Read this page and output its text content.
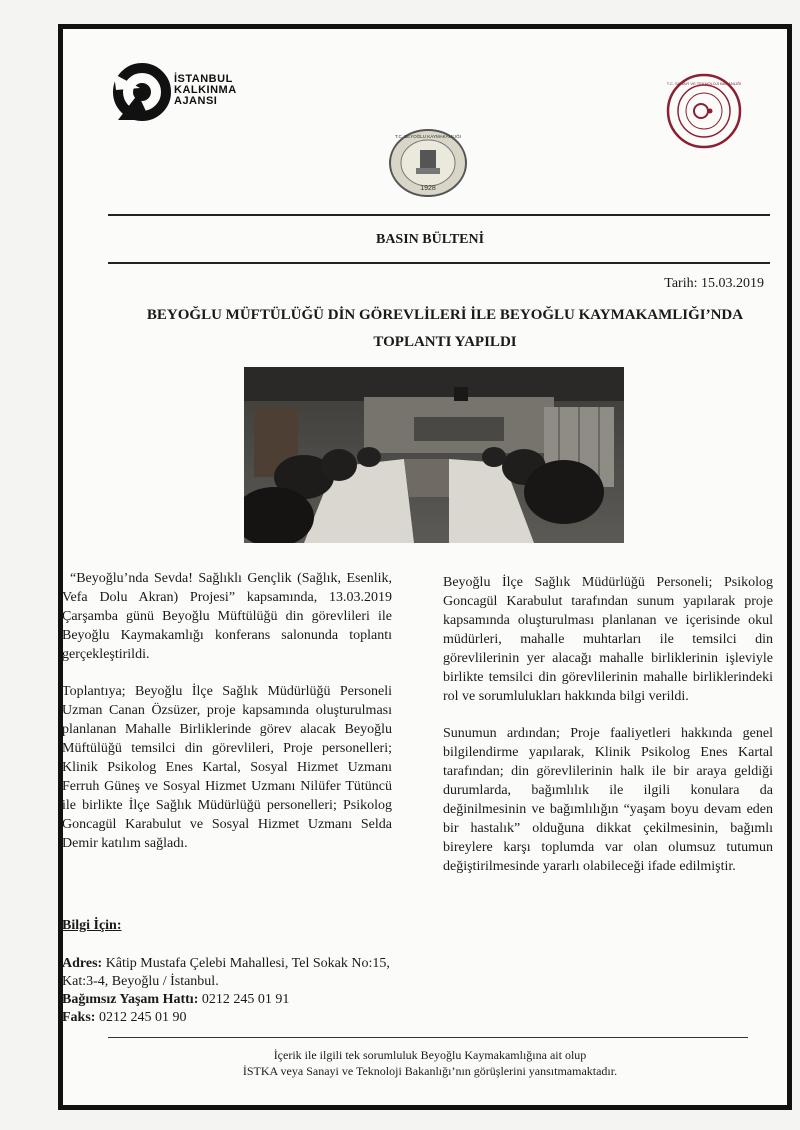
İSTANBUL
KALKINMA
AJANSI
1928
T.C. BEYOĞLU KAYMAKAMLIĞI
T.C. SANAYİ VE TEKNOLOJİ BAKANLIĞI
BASIN BÜLTENİ
Tarih: 15.03.2019
BEYOĞLU MÜFTÜLÜĞÜ DİN GÖREVLİLERİ İLE BEYOĞLU KAYMAKAMLIĞI’NDA
TOPLANTI YAPILDI

“Beyoğlu’nda Sevda! Sağlıklı Gençlik (Sağlık, Esenlik, Vefa Dolu Akran) Projesi” kapsamında, 13.03.2019 Çarşamba günü Beyoğlu Müftülüğü din görevlileri ile Beyoğlu Kaymakamlığı konferans salonunda toplantı gerçekleştirildi.

Toplantıya; Beyoğlu İlçe Sağlık Müdürlüğü Personeli Uzman Canan Özsüzer, proje kapsamında oluşturulması planlanan Mahalle Birliklerinde görev alacak Beyoğlu Müftülüğü temsilci din görevlileri, Proje personelleri; Klinik Psikolog Enes Kartal, Sosyal Hizmet Uzmanı Ferruh Güneş ve Sosyal Hizmet Uzmanı Nilüfer Tütüncü ile birlikte İlçe Sağlık Müdürlüğü personelleri; Psikolog Goncagül Karabulut ve Sosyal Hizmet Uzmanı Selda Demir katılım sağladı.

Beyoğlu İlçe Sağlık Müdürlüğü Personeli; Psikolog Goncagül Karabulut tarafından sunum yapılarak proje kapsamında oluşturulması planlanan ve içerisinde okul müdürleri, mahalle muhtarları ile temsilci din görevlilerinin yer alacağı mahalle birliklerinin işleviyle birlikte temsilci din görevlilerinin mahalle birliklerindeki rol ve sorumlulukları hakkında bilgi verildi.

Sunumun ardından; Proje faaliyetleri hakkında genel bilgilendirme yapılarak, Klinik Psikolog Enes Kartal tarafından; din görevlilerinin halk ile bir araya geldiği durumlarda, bağımlılık ile ilgili konulara da değinilmesinin ve bağımlılığın “yaşam boyu devam eden bir hastalık” olduğuna dikkat çekilmesinin, bağımlı bireylere karşı toplumda var olan olumsuz tutumun değiştirilmesinde yararlı olabileceği ifade edilmiştir.

Bilgi İçin:
Adres: Kâtip Mustafa Çelebi Mahallesi, Tel Sokak No:15, Kat:3-4, Beyoğlu / İstanbul.
Bağımsız Yaşam Hattı: 0212 245 01 91
Faks: 0212 245 01 90
İçerik ile ilgili tek sorumluluk Beyoğlu Kaymakamlığına ait olup
İSTKA veya Sanayi ve Teknoloji Bakanlığı’nın görüşlerini yansıtmamaktadır.
